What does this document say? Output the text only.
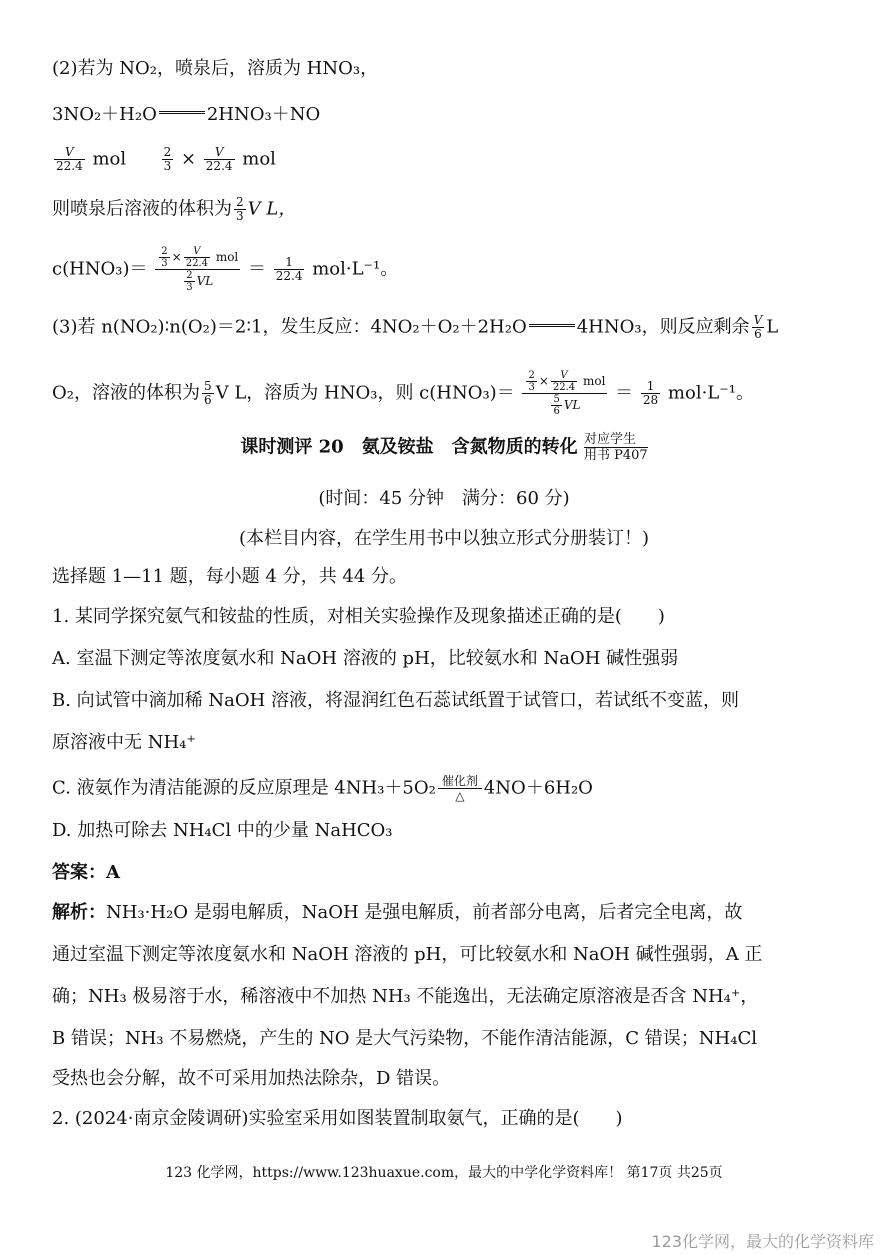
(2)若为 NO₂，喷泉后，溶质为 HNO₃，
3NO₂＋H₂O	2HNO₃＋NO
$\frac{V}{22.4}$ mol	$\frac{2}{3} \times \frac{V}{22.4}$ mol
则喷泉后溶液的体积为 $\frac{2}{3}$ V L，
$c(HNO_3)= \frac{\frac{2}{3} \times \frac{V}{22.4} mol}{\frac{2}{3} VL} = \frac{1}{22.4} mol\cdot L^{-1}$。
(3)若 n(NO₂)∶n(O₂)＝2∶1，发生反应：4NO₂＋O₂＋2H₂O	4HNO₃，则反应剩余 $\frac{V}{6}$ L
O₂，溶液的体积为 $\frac{5}{6}$ V L，溶质为 HNO₃，则 $c(HNO_3)= \frac{\frac{2}{3} \times \frac{V}{22.4} mol}{\frac{5}{6} VL} = \frac{1}{28} mol\cdot L^{-1}$。
课时测评 20　氨及铵盐　含氮物质的转化 对应学生
用书 P407
(时间：45 分钟　满分：60 分)
(本栏目内容，在学生用书中以独立形式分册装订！)
选择题 1—11 题，每小题 4 分，共 44 分。
1. 某同学探究氨气和铵盐的性质，对相关实验操作及现象描述正确的是(　　)
A. 室温下测定等浓度氨水和 NaOH 溶液的 pH，比较氨水和 NaOH 碱性强弱
B. 向试管中滴加稀 NaOH 溶液，将湿润红色石蕊试纸置于试管口，若试纸不变蓝，则
原溶液中无 NH₄⁺
C. 液氨作为清洁能源的反应原理是 4NH₃＋5O₂ 催化剂
△	4NO＋6H₂O
D. 加热可除去 NH₄Cl 中的少量 NaHCO₃
答案：A
解析：NH₃·H₂O 是弱电解质，NaOH 是强电解质，前者部分电离，后者完全电离，故
通过室温下测定等浓度氨水和 NaOH 溶液的 pH，可比较氨水和 NaOH 碱性强弱，A 正
确；NH₃ 极易溶于水，稀溶液中不加热 NH₃ 不能逸出，无法确定原溶液是否含 NH₄⁺，
B 错误；NH₃ 不易燃烧，产生的 NO 是大气污染物，不能作清洁能源，C 错误；NH₄Cl
受热也会分解，故不可采用加热法除杂，D 错误。
2. (2024·南京金陵调研)实验室采用如图装置制取氨气，正确的是(　　)
123 化学网，https://www.123huaxue.com，最大的中学化学资料库！ 第17页 共25页
123化学网，最大的化学资料库
